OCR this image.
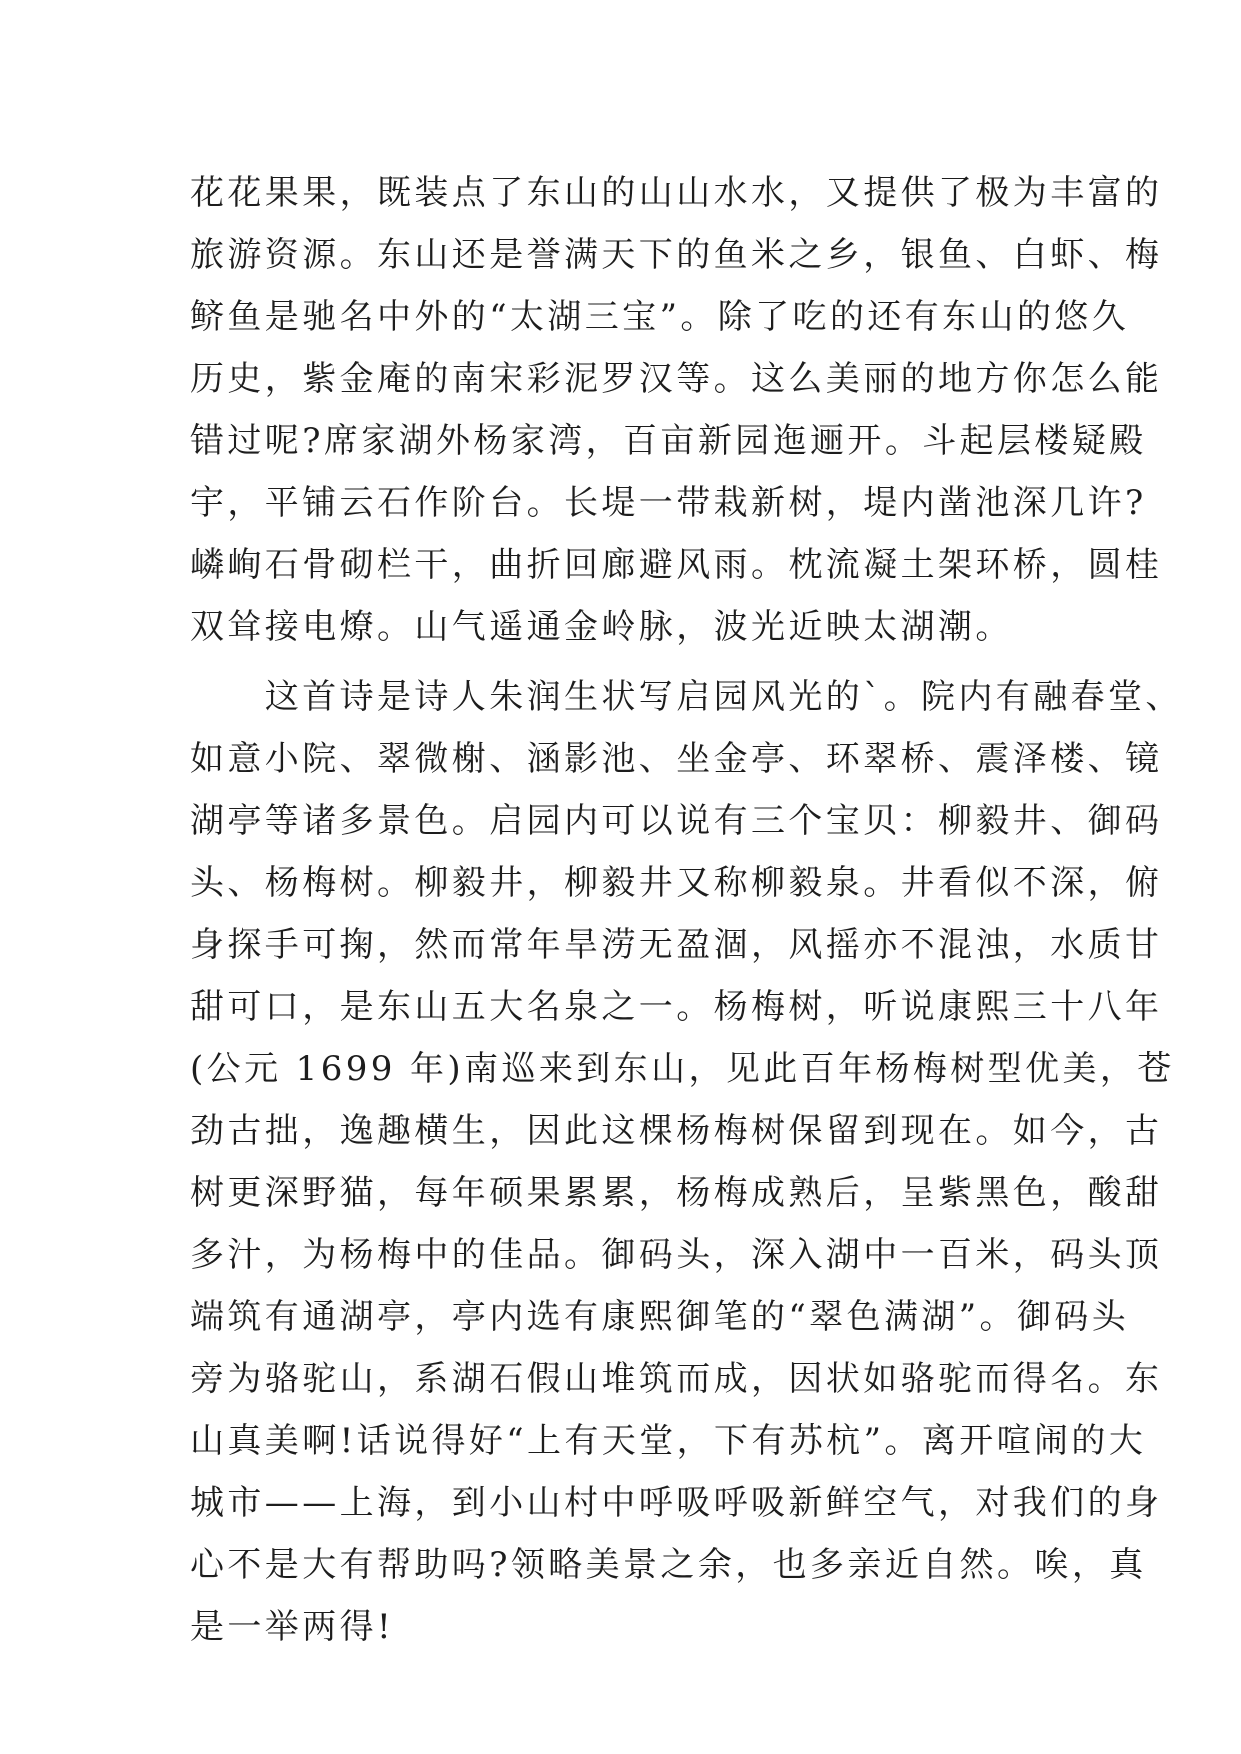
花花果果，既装点了东山的山山水水，又提供了极为丰富的
旅游资源。东山还是誉满天下的鱼米之乡，银鱼、白虾、梅
鲚鱼是驰名中外的“太湖三宝”。除了吃的还有东山的悠久
历史，紫金庵的南宋彩泥罗汉等。这么美丽的地方你怎么能
错过呢?席家湖外杨家湾，百亩新园迤逦开。斗起层楼疑殿
宇，平铺云石作阶台。长堤一带栽新树，堤内凿池深几许?
嶙峋石骨砌栏干，曲折回廊避风雨。枕流凝土架环桥，圆桂
双耸接电燎。山气遥通金岭脉，波光近映太湖潮。
　　这首诗是诗人朱润生状写启园风光的`。院内有融春堂、
如意小院、翠微榭、涵影池、坐金亭、环翠桥、震泽楼、镜
湖亭等诸多景色。启园内可以说有三个宝贝：柳毅井、御码
头、杨梅树。柳毅井，柳毅井又称柳毅泉。井看似不深，俯
身探手可掬，然而常年旱涝无盈涸，风摇亦不混浊，水质甘
甜可口，是东山五大名泉之一。杨梅树，听说康熙三十八年
(公元 1699 年)南巡来到东山，见此百年杨梅树型优美，苍
劲古拙，逸趣横生，因此这棵杨梅树保留到现在。如今，古
树更深野猫，每年硕果累累，杨梅成熟后，呈紫黑色，酸甜
多汁，为杨梅中的佳品。御码头，深入湖中一百米，码头顶
端筑有通湖亭，亭内选有康熙御笔的“翠色满湖”。御码头
旁为骆驼山，系湖石假山堆筑而成，因状如骆驼而得名。东
山真美啊!话说得好“上有天堂，下有苏杭”。离开喧闹的大
城市——上海，到小山村中呼吸呼吸新鲜空气，对我们的身
心不是大有帮助吗?领略美景之余，也多亲近自然。唉，真
是一举两得!
